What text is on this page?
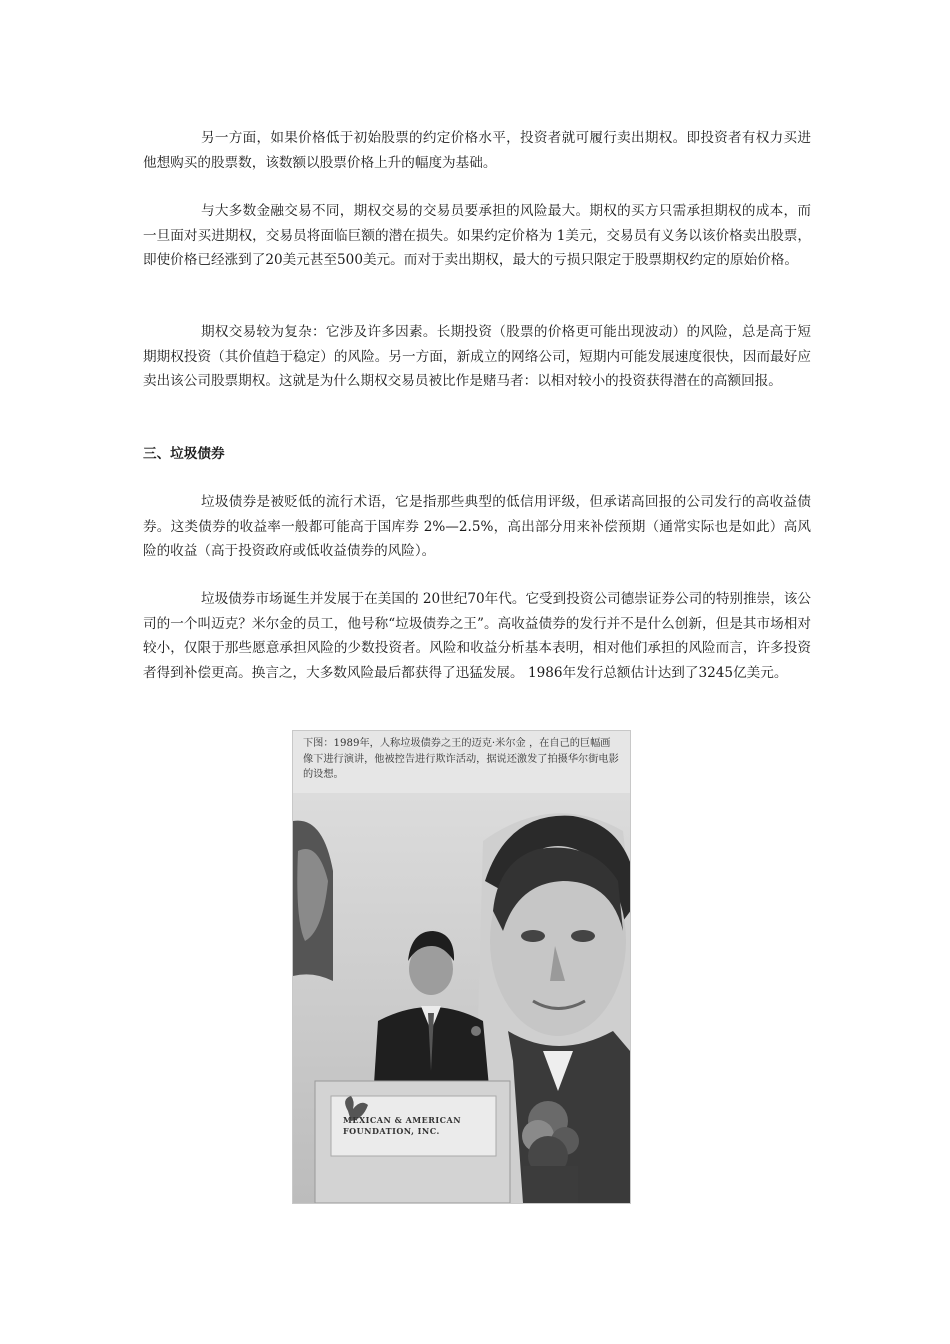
另一方面，如果价格低于初始股票的约定价格水平，投资者就可履行卖出期权。即投资者有权力买进他想购买的股票数，该数额以股票价格上升的幅度为基础。

与大多数金融交易不同，期权交易的交易员要承担的风险最大。期权的买方只需承担期权的成本，而一旦面对买进期权，交易员将面临巨额的潜在损失。如果约定价格为 1美元，交易员有义务以该价格卖出股票，即使价格已经涨到了20美元甚至500美元。而对于卖出期权，最大的亏损只限定于股票期权约定的原始价格。

期权交易较为复杂：它涉及许多因素。长期投资（股票的价格更可能出现波动）的风险，总是高于短期期权投资（其价值趋于稳定）的风险。另一方面，新成立的网络公司，短期内可能发展速度很快，因而最好应卖出该公司股票期权。这就是为什么期权交易员被比作是赌马者：以相对较小的投资获得潜在的高额回报。

三、垃圾债券

垃圾债券是被贬低的流行术语，它是指那些典型的低信用评级，但承诺高回报的公司发行的高收益债券。这类债券的收益率一般都可能高于国库券 2%—2.5%，高出部分用来补偿预期（通常实际也是如此）高风险的收益（高于投资政府或低收益债券的风险）。

垃圾债券市场诞生并发展于在美国的 20世纪70年代。它受到投资公司德崇证券公司的特别推崇，该公司的一个叫迈克？米尔金的员工，他号称“垃圾债券之王”。高收益债券的发行并不是什么创新，但是其市场相对较小，仅限于那些愿意承担风险的少数投资者。风险和收益分析基本表明，相对他们承担的风险而言，许多投资者得到补偿更高。换言之，大多数风险最后都获得了迅猛发展。 1986年发行总额估计达到了3245亿美元。

下图：1989年，人称垃圾债券之王的迈克·米尔金 ，在自己的巨幅画像下进行演讲，他被控告进行欺诈活动，据说还激发了拍摄华尔街电影的设想。
MEXICAN & AMERICAN
FOUNDATION, INC.
